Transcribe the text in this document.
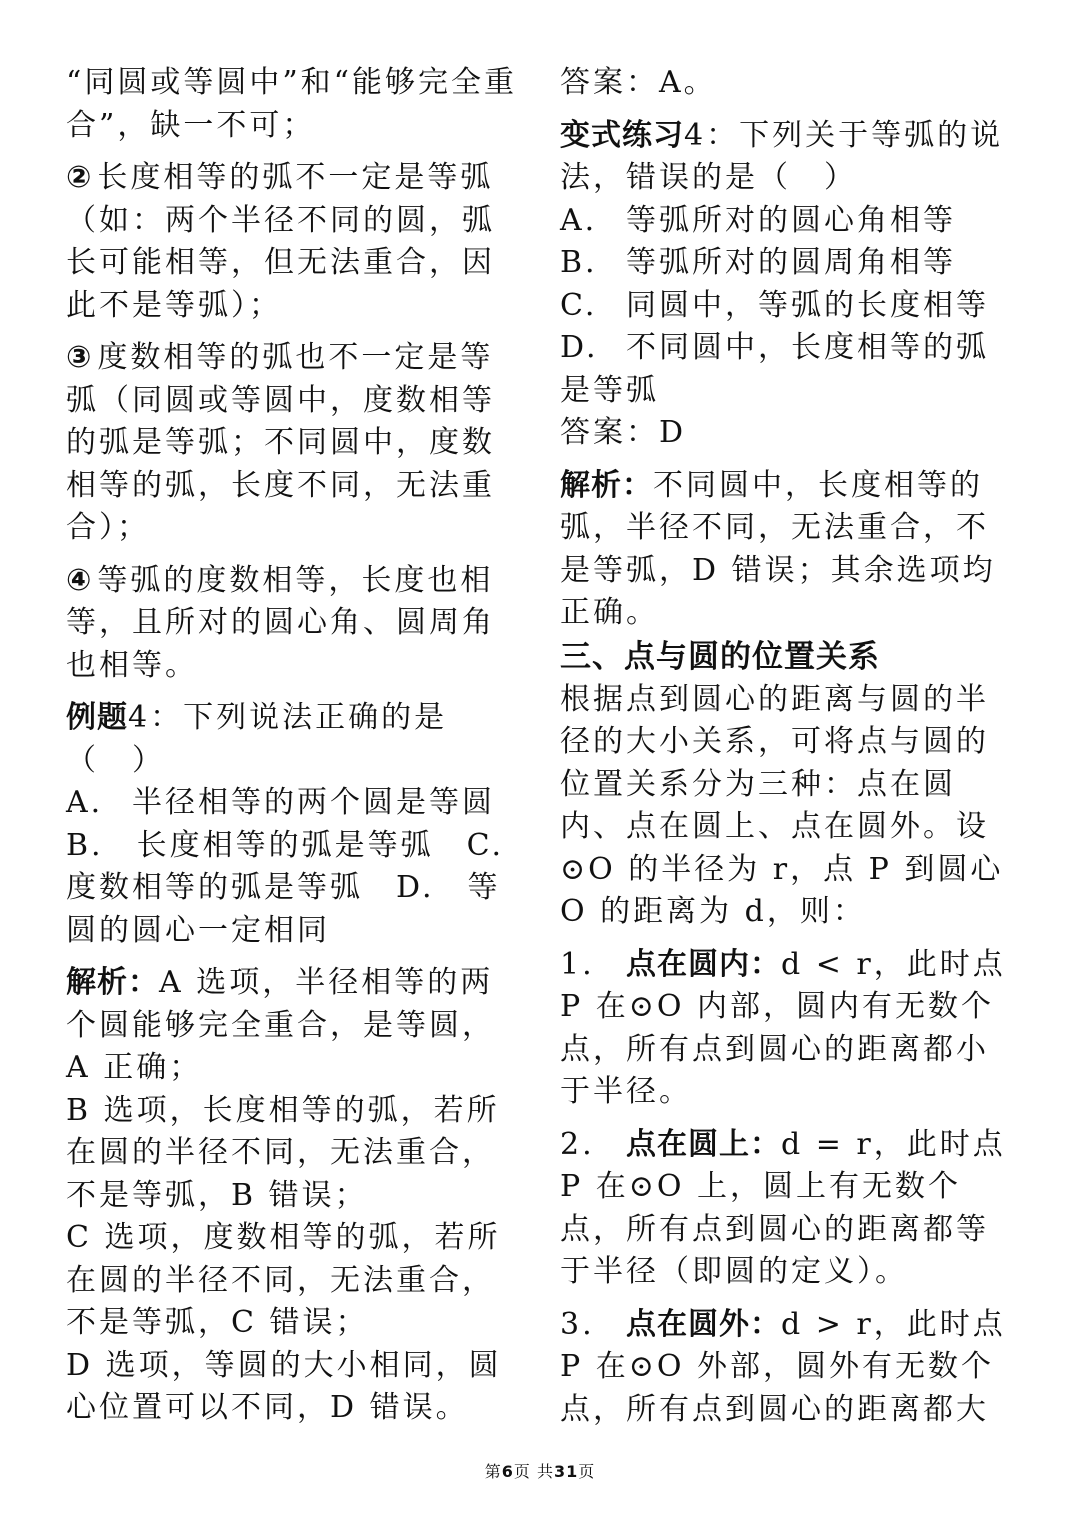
“同圆或等圆中”和“能够完全重合”，缺一不可；

② 长度相等的弧不一定是等弧（如：两个半径不同的圆，弧长可能相等，但无法重合，因此不是等弧）；

③ 度数相等的弧也不一定是等弧（同圆或等圆中，度数相等的弧是等弧；不同圆中，度数相等的弧，长度不同，无法重合）；

④ 等弧的度数相等，长度也相等，且所对的圆心角、圆周角也相等。

例题4：下列说法正确的是（　）

A. 半径相等的两个圆是等圆

B.　长度相等的弧是等弧　C.度数相等的弧是等弧　D.　等圆的圆心一定相同

解析：A 选项，半径相等的两个圆能够完全重合，是等圆，A 正确；

B 选项，长度相等的弧，若所在圆的半径不同，无法重合，不是等弧，B 错误；

C 选项，度数相等的弧，若所在圆的半径不同，无法重合，不是等弧，C 错误；

D 选项，等圆的大小相同，圆心位置可以不同，D 错误。

答案：A。

变式练习4：下列关于等弧的说法，错误的是（　）

A. 等弧所对的圆心角相等

B. 等弧所对的圆周角相等

C. 同圆中，等弧的长度相等

D. 不同圆中，长度相等的弧是等弧

答案：D

解析：不同圆中，长度相等的弧，半径不同，无法重合，不是等弧，D 错误；其余选项均正确。

三、点与圆的位置关系

根据点到圆心的距离与圆的半径的大小关系，可将点与圆的位置关系分为三种：点在圆内、点在圆上、点在圆外。设⊙O 的半径为 r，点 P 到圆心 O 的距离为 d，则：

1. 点在圆内：d < r，此时点 P 在⊙O 内部，圆内有无数个点，所有点到圆心的距离都小于半径。

2. 点在圆上：d = r，此时点 P 在⊙O 上，圆上有无数个点，所有点到圆心的距离都等于半径（即圆的定义）。

3. 点在圆外：d > r，此时点 P 在⊙O 外部，圆外有无数个点，所有点到圆心的距离都大

第6页 共31页
